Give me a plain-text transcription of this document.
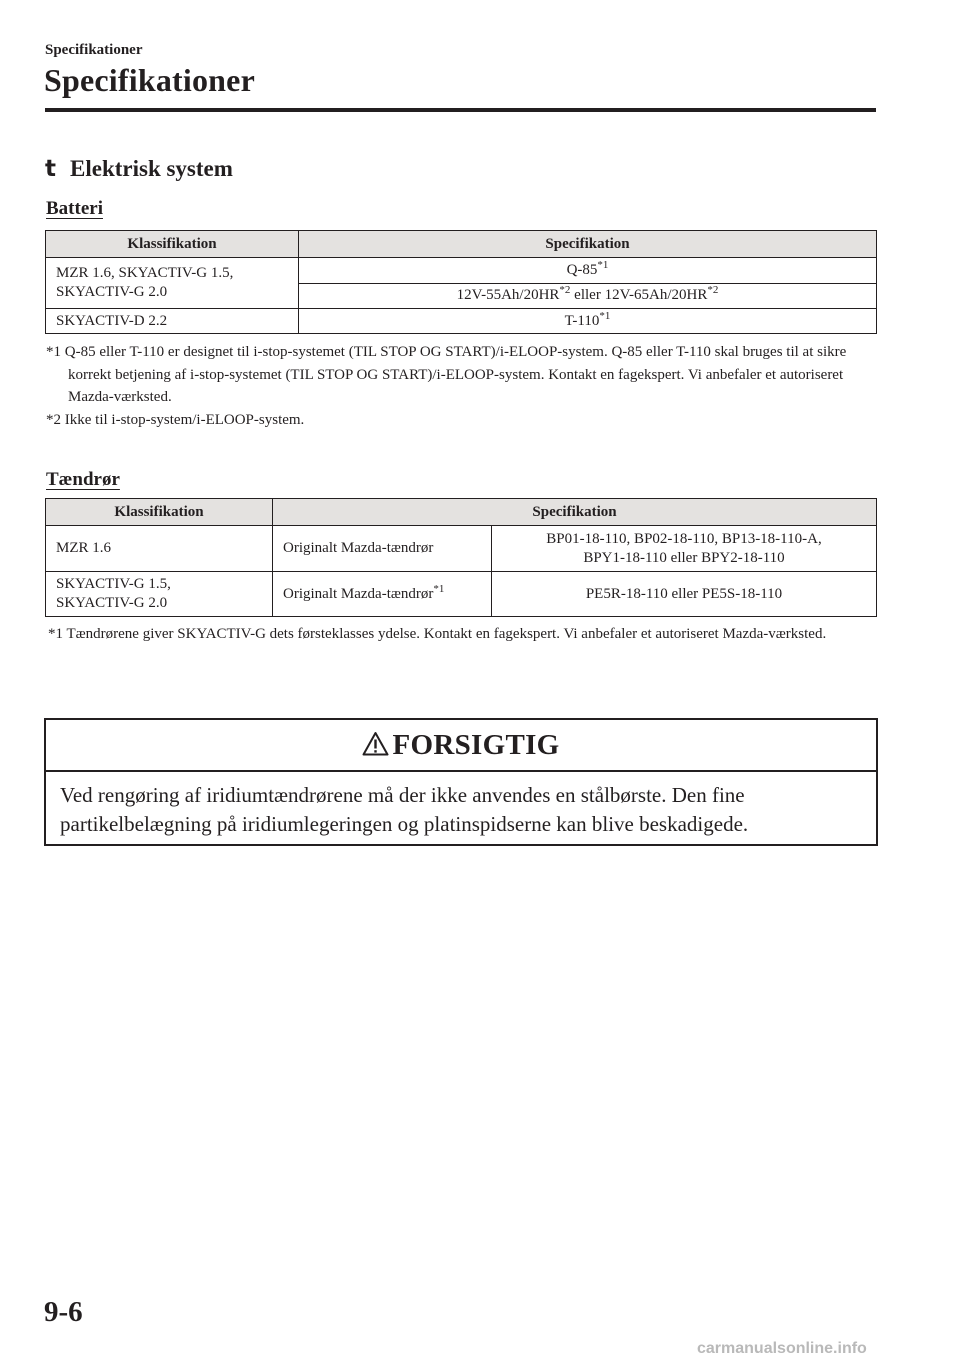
Specifikationer
Specifikationer
t Elektrisk system
Batteri
Klassifikation	Specifikation
MZR 1.6, SKYACTIV-G 1.5,
SKYACTIV-G 2.0	Q-85$^{*1}$
	12V-55Ah/20HR$^{*2}$ eller 12V-65Ah/20HR$^{*2}$
SKYACTIV-D 2.2	T-110$^{*1}$
*1 Q-85 eller T-110 er designet til i-stop-systemet (TIL STOP OG START)/i-ELOOP-system. Q-85 eller T-110 skal bruges til at sikre korrekt betjening af i-stop-systemet (TIL STOP OG START)/i-ELOOP-system. Kontakt en fagekspert. Vi anbefaler et autoriseret Mazda-værksted.
*2 Ikke til i-stop-system/i-ELOOP-system.
Tændrør
Klassifikation	Specifikation	
MZR 1.6	Originalt Mazda-tændrør	BP01-18-110, BP02-18-110, BP13-18-110-A,
BPY1-18-110 eller BPY2-18-110
SKYACTIV-G 1.5,
SKYACTIV-G 2.0	Originalt Mazda-tændrør$^{*1}$	PE5R-18-110 eller PE5S-18-110
*1 Tændrørene giver SKYACTIV-G dets førsteklasses ydelse. Kontakt en fagekspert. Vi anbefaler et autoriseret Mazda-værksted.
FORSIGTIG
Ved rengøring af iridiumtændrørene må der ikke anvendes en stålbørste. Den fine partikelbelægning på iridiumlegeringen og platinspidserne kan blive beskadigede.
9-6
carmanualsonline.info
